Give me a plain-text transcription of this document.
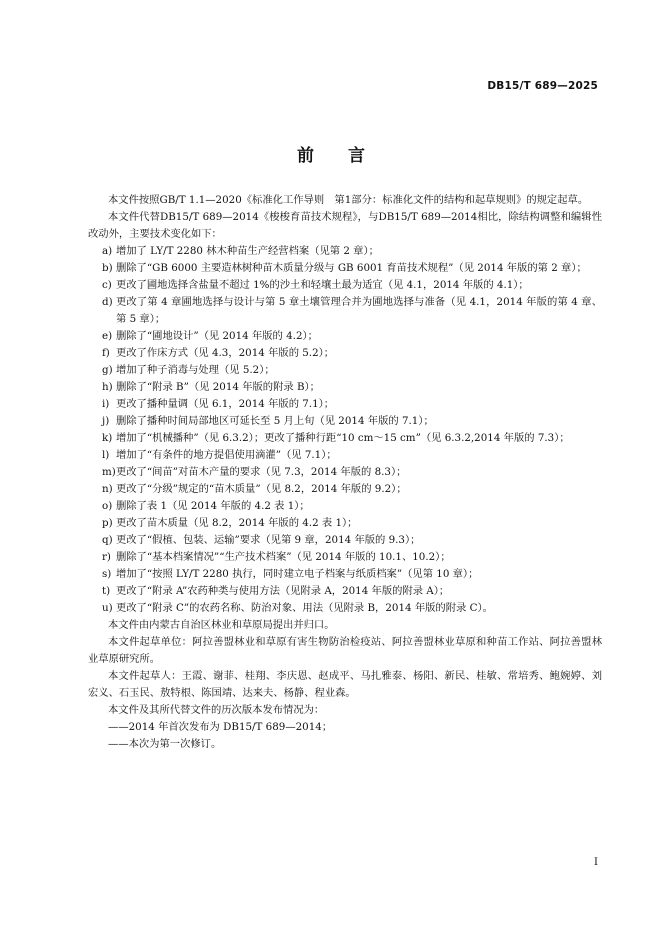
DB15/T 689—2025
前　　言

本文件按照GB/T 1.1—2020《标准化工作导则　第1部分：标准化文件的结构和起草规则》的规定起草。

本文件代替DB15/T 689—2014《梭梭育苗技术规程》，与DB15/T 689—2014相比，除结构调整和编辑性改动外，主要技术变化如下：

a) 增加了 LY/T 2280 林木种苗生产经营档案（见第 2 章）；
b) 删除了“GB 6000 主要造林树种苗木质量分级与 GB 6001 育苗技术规程”（见 2014 年版的第 2 章）；
c) 更改了圃地选择含盐量不超过 1%的沙土和轻壤土最为适宜（见 4.1，2014 年版的 4.1）；
d) 更改了第 4 章圃地选择与设计与第 5 章土壤管理合并为圃地选择与准备（见 4.1，2014 年版的第 4 章、第 5 章）；
e) 删除了“圃地设计”（见 2014 年版的 4.2）；
f) 更改了作床方式（见 4.3，2014 年版的 5.2）；
g) 增加了种子消毒与处理（见 5.2）；
h) 删除了“附录 B”（见 2014 年版的附录 B）；
i) 更改了播种量调（见 6.1，2014 年版的 7.1）；
j) 删除了播种时间局部地区可延长至 5 月上旬（见 2014 年版的 7.1）；
k) 增加了“机械播种”（见 6.3.2）；更改了播种行距“10 cm～15 cm”（见 6.3.2,2014 年版的 7.3）；
l) 增加了“有条件的地方提倡使用滴灌”（见 7.1）；
m) 更改了“间苗”对苗木产量的要求（见 7.3，2014 年版的 8.3）；
n) 更改了“分级”规定的“苗木质量”（见 8.2，2014 年版的 9.2）；
o) 删除了表 1（见 2014 年版的 4.2 表 1）；
p) 更改了苗木质量（见 8.2，2014 年版的 4.2 表 1）；
q) 更改了“假植、包装、运输”要求（见第 9 章，2014 年版的 9.3）；
r) 删除了“基本档案情况”“生产技术档案”（见 2014 年版的 10.1、10.2）；
s) 增加了“按照 LY/T 2280 执行，同时建立电子档案与纸质档案”（见第 10 章）；
t) 更改了“附录 A”农药种类与使用方法（见附录 A，2014 年版的附录 A）；
u) 更改了“附录 C”的农药名称、防治对象、用法（见附录 B，2014 年版的附录 C）。

本文件由内蒙古自治区林业和草原局提出并归口。

本文件起草单位：阿拉善盟林业和草原有害生物防治检疫站、阿拉善盟林业草原和种苗工作站、阿拉善盟林业草原研究所。

本文件起草人：王霞、谢菲、桂翔、李庆恩、赵成平、马扎雅泰、杨阳、新民、桂敏、常培秀、鲍婉婷、刘宏义、石玉民、敖特根、陈国靖、达来夫、杨静、程业森。

本文件及其所代替文件的历次版本发布情况为：

——2014 年首次发布为 DB15/T 689—2014；

——本次为第一次修订。

I
